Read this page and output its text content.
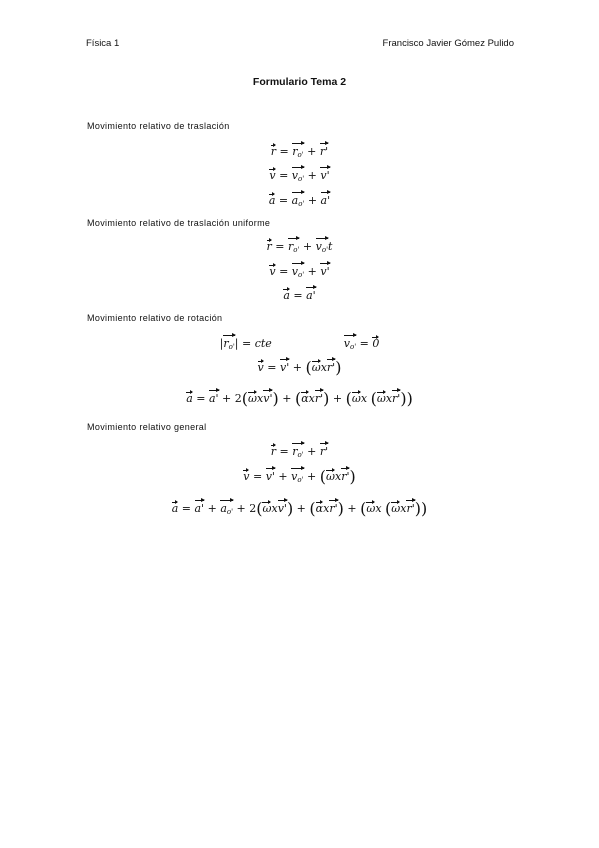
Física 1	Francisco Javier Gómez Pulido
Formulario Tema 2
Movimiento relativo de traslación
$r = r_{o'} + r'$
$v = v_{o'} + v'$
$a = a_{o'} + a'$
Movimiento relativo de traslación uniforme
$r = r_{o'} + v_{o'}t$
$v = v_{o'} + v'$
a = a'
Movimiento relativo de rotación
$|r_{o'}|$ = cte	$v_{o'} = 0$
v = v' + (ωxr')
a = a' + 2(ωxv') + (αxr') + (ωx (ωxr'))
Movimiento relativo general
$r = r_{o'} + r'$
$v = v' + v_{o'} + (\omega xr')$
$a = a' + a_{o'} + 2(\omega xv') + (\alpha xr') + (\omega x$ (ωxr'))
